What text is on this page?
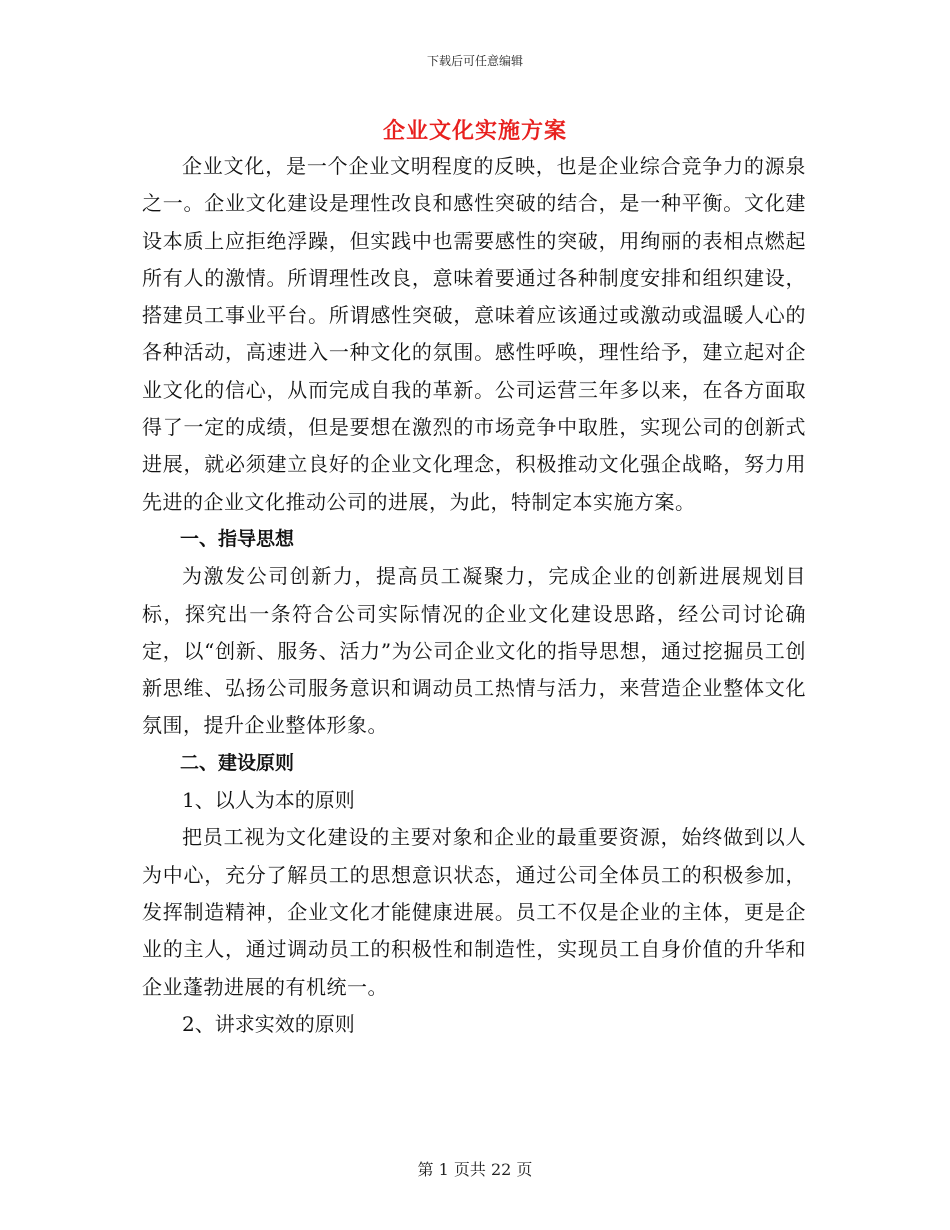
下载后可任意编辑
企业文化实施方案

企业文化，是一个企业文明程度的反映，也是企业综合竞争力的源泉之一。企业文化建设是理性改良和感性突破的结合，是一种平衡。文化建设本质上应拒绝浮躁，但实践中也需要感性的突破，用绚丽的表相点燃起所有人的激情。所谓理性改良，意味着要通过各种制度安排和组织建设，搭建员工事业平台。所谓感性突破，意味着应该通过或激动或温暖人心的各种活动，高速进入一种文化的氛围。感性呼唤，理性给予，建立起对企业文化的信心，从而完成自我的革新。公司运营三年多以来，在各方面取得了一定的成绩，但是要想在激烈的市场竞争中取胜，实现公司的创新式进展，就必须建立良好的企业文化理念，积极推动文化强企战略，努力用先进的企业文化推动公司的进展，为此，特制定本实施方案。

一、指导思想

为激发公司创新力，提高员工凝聚力，完成企业的创新进展规划目标，探究出一条符合公司实际情况的企业文化建设思路，经公司讨论确定，以“创新、服务、活力”为公司企业文化的指导思想，通过挖掘员工创新思维、弘扬公司服务意识和调动员工热情与活力，来营造企业整体文化氛围，提升企业整体形象。

二、建设原则

1、以人为本的原则

把员工视为文化建设的主要对象和企业的最重要资源，始终做到以人为中心，充分了解员工的思想意识状态，通过公司全体员工的积极参加，发挥制造精神，企业文化才能健康进展。员工不仅是企业的主体，更是企业的主人，通过调动员工的积极性和制造性，实现员工自身价值的升华和企业蓬勃进展的有机统一。

2、讲求实效的原则

第 1 页共 22 页
